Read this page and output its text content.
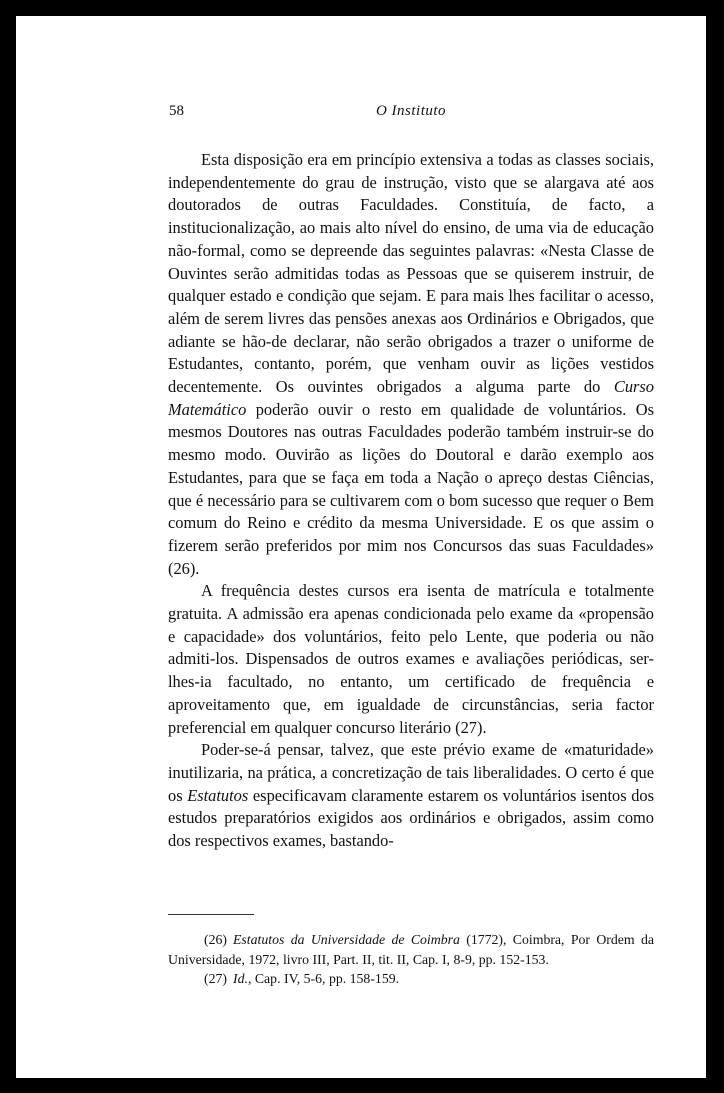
58	O Instituto

Esta disposição era em princípio extensiva a todas as classes sociais, independentemente do grau de instrução, visto que se alargava até aos doutorados de outras Faculdades. Constituía, de facto, a institucionalização, ao mais alto nível do ensino, de uma via de educação não-formal, como se depreende das seguintes palavras: «Nesta Classe de Ouvintes serão admitidas todas as Pessoas que se quiserem instruir, de qualquer estado e condição que sejam. E para mais lhes facilitar o acesso, além de serem livres das pensões anexas aos Ordinários e Obrigados, que adiante se hão-de declarar, não serão obrigados a trazer o uniforme de Estudantes, contanto, porém, que venham ouvir as lições vestidos decentemente. Os ouvintes obrigados a alguma parte do Curso Matemático poderão ouvir o resto em qualidade de voluntários. Os mesmos Doutores nas outras Faculdades poderão também instruir-se do mesmo modo. Ouvirão as lições do Doutoral e darão exemplo aos Estudantes, para que se faça em toda a Nação o apreço destas Ciências, que é necessário para se cultivarem com o bom sucesso que requer o Bem comum do Reino e crédito da mesma Universidade. E os que assim o fizerem serão preferidos por mim nos Concursos das suas Faculdades» (26).

A frequência destes cursos era isenta de matrícula e totalmente gratuita. A admissão era apenas condicionada pelo exame da «propensão e capacidade» dos voluntários, feito pelo Lente, que poderia ou não admiti-los. Dispensados de outros exames e avaliações periódicas, ser-lhes-ia facultado, no entanto, um certificado de frequência e aproveitamento que, em igualdade de circunstâncias, seria factor preferencial em qualquer concurso literário (27).

Poder-se-á pensar, talvez, que este prévio exame de «maturidade» inutilizaria, na prática, a concretização de tais liberalidades. O certo é que os Estatutos especificavam claramente estarem os voluntários isentos dos estudos preparatórios exigidos aos ordinários e obrigados, assim como dos respectivos exames, bastando-

(26) Estatutos da Universidade de Coimbra (1772), Coimbra, Por Ordem da Universidade, 1972, livro III, Part. II, tit. II, Cap. I, 8-9, pp. 152-153.

(27) Id., Cap. IV, 5-6, pp. 158-159.
